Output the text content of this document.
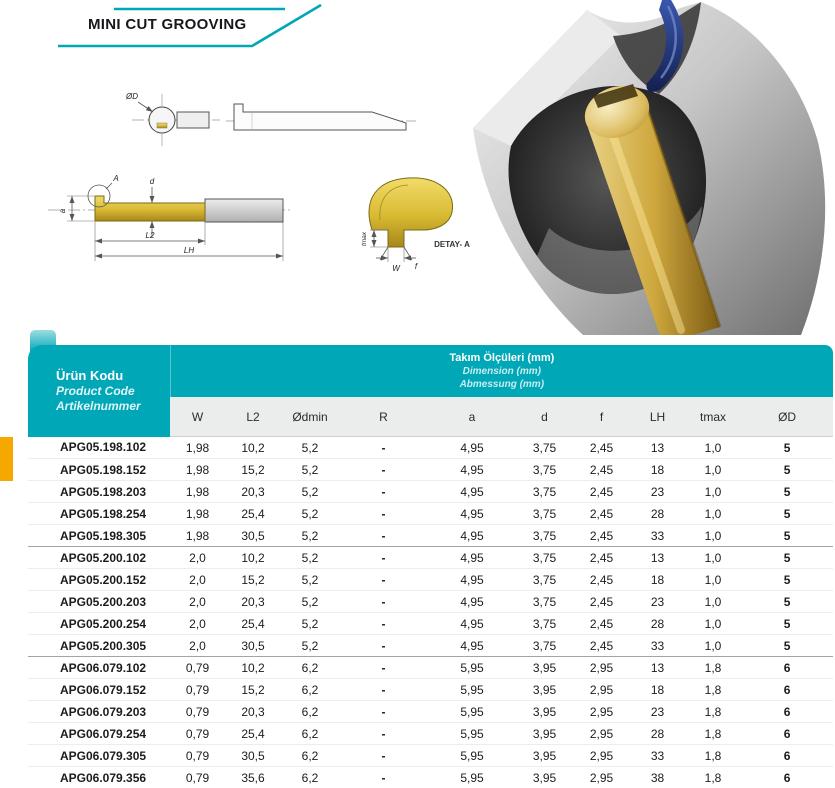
MINI CUT GROOVING
ØD
A
a
d
L2
LH
tmax
W f
DETAY- A
Ürün Kodu
Product Code
Artikelnummer

Takım Ölçüleri (mm)
Dimension (mm)
Abmessung (mm)

	W	L2	Ødmin	R	a	d	f	LH	tmax	ØD
APG05.198.102	1,98	10,2	5,2	-	4,95	3,75	2,45	13	1,0	5
APG05.198.152	1,98	15,2	5,2	-	4,95	3,75	2,45	18	1,0	5
APG05.198.203	1,98	20,3	5,2	-	4,95	3,75	2,45	23	1,0	5
APG05.198.254	1,98	25,4	5,2	-	4,95	3,75	2,45	28	1,0	5
APG05.198.305	1,98	30,5	5,2	-	4,95	3,75	2,45	33	1,0	5
APG05.200.102	2,0	10,2	5,2	-	4,95	3,75	2,45	13	1,0	5
APG05.200.152	2,0	15,2	5,2	-	4,95	3,75	2,45	18	1,0	5
APG05.200.203	2,0	20,3	5,2	-	4,95	3,75	2,45	23	1,0	5
APG05.200.254	2,0	25,4	5,2	-	4,95	3,75	2,45	28	1,0	5
APG05.200.305	2,0	30,5	5,2	-	4,95	3,75	2,45	33	1,0	5
APG06.079.102	0,79	10,2	6,2	-	5,95	3,95	2,95	13	1,8	6
APG06.079.152	0,79	15,2	6,2	-	5,95	3,95	2,95	18	1,8	6
APG06.079.203	0,79	20,3	6,2	-	5,95	3,95	2,95	23	1,8	6
APG06.079.254	0,79	25,4	6,2	-	5,95	3,95	2,95	28	1,8	6
APG06.079.305	0,79	30,5	6,2	-	5,95	3,95	2,95	33	1,8	6
APG06.079.356	0,79	35,6	6,2	-	5,95	3,95	2,95	38	1,8	6
